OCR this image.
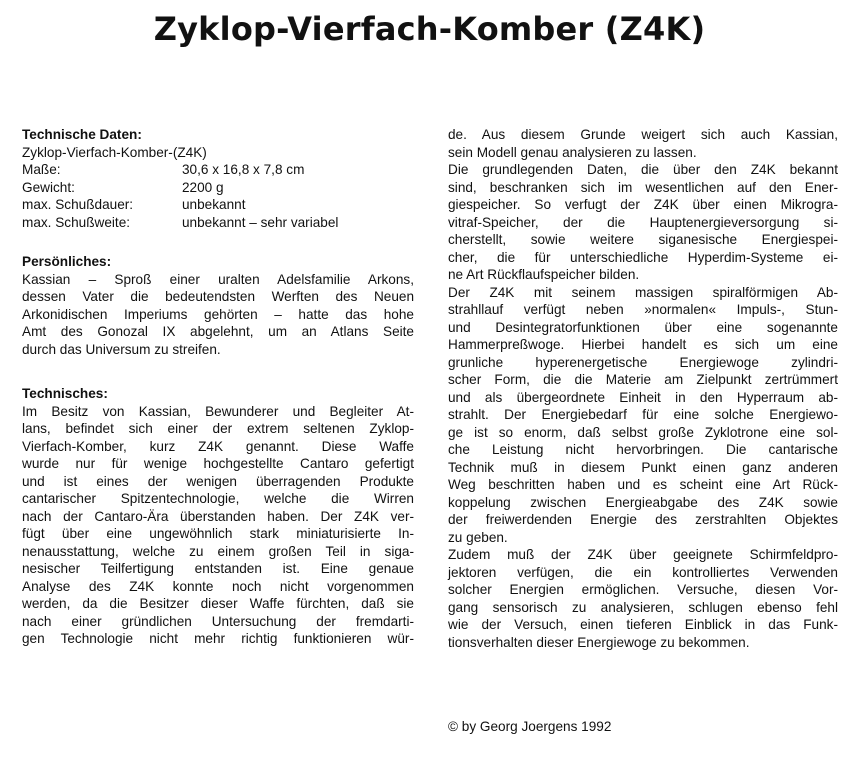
Zyklop-Vierfach-Komber (Z4K)

Technische Daten:

Zyklop-Vierfach-Komber-(Z4K)
Maße:	30,6 x 16,8 x 7,8 cm
Gewicht:	2200 g
max. Schußdauer:	unbekannt
max. Schußweite:	unbekannt – sehr variabel

Persönliches:

Kassian – Sproß einer uralten Adelsfamilie Arkons,
dessen Vater die bedeutendsten Werften des Neuen
Arkonidischen Imperiums gehörten – hatte das hohe
Amt des Gonozal IX abgelehnt, um an Atlans Seite
durch das Universum zu streifen.

Technisches:

Im Besitz von Kassian, Bewunderer und Begleiter At-
lans, befindet sich einer der extrem seltenen Zyklop-
Vierfach-Komber, kurz Z4K genannt. Diese Waffe
wurde nur für wenige hochgestellte Cantaro gefertigt
und ist eines der wenigen überragenden Produkte
cantarischer Spitzentechnologie, welche die Wirren
nach der Cantaro-Ära überstanden haben. Der Z4K ver-
fügt über eine ungewöhnlich stark miniaturisierte In-
nenausstattung, welche zu einem großen Teil in siga-
nesischer Teilfertigung entstanden ist. Eine genaue
Analyse des Z4K konnte noch nicht vorgenommen
werden, da die Besitzer dieser Waffe fürchten, daß sie
nach einer gründlichen Untersuchung der fremdarti-
gen Technologie nicht mehr richtig funktionieren wür-
de. Aus diesem Grunde weigert sich auch Kassian,
sein Modell genau analysieren zu lassen.
Die grundlegenden Daten, die über den Z4K bekannt
sind, beschranken sich im wesentlichen auf den Ener-
giespeicher. So verfugt der Z4K über einen Mikrogra-
vitraf-Speicher, der die Hauptenergieversorgung si-
cherstellt, sowie weitere siganesische Energiespei-
cher, die für unterschiedliche Hyperdim-Systeme ei-
ne Art Rückflaufspeicher bilden.
Der Z4K mit seinem massigen spiralförmigen Ab-
strahllauf verfügt neben »normalen« Impuls-, Stun-
und Desintegratorfunktionen über eine sogenannte
Hammerpreßwoge. Hierbei handelt es sich um eine
grunliche hyperenergetische Energiewoge zylindri-
scher Form, die die Materie am Zielpunkt zertrümmert
und als übergeordnete Einheit in den Hyperraum ab-
strahlt. Der Energiebedarf für eine solche Energiewo-
ge ist so enorm, daß selbst große Zyklotrone eine sol-
che Leistung nicht hervorbringen. Die cantarische
Technik muß in diesem Punkt einen ganz anderen
Weg beschritten haben und es scheint eine Art Rück-
koppelung zwischen Energieabgabe des Z4K sowie
der freiwerdenden Energie des zerstrahlten Objektes
zu geben.
Zudem muß der Z4K über geeignete Schirmfeldpro-
jektoren verfügen, die ein kontrolliertes Verwenden
solcher Energien ermöglichen. Versuche, diesen Vor-
gang sensorisch zu analysieren, schlugen ebenso fehl
wie der Versuch, einen tieferen Einblick in das Funk-
tionsverhalten dieser Energiewoge zu bekommen.
© by Georg Joergens 1992
